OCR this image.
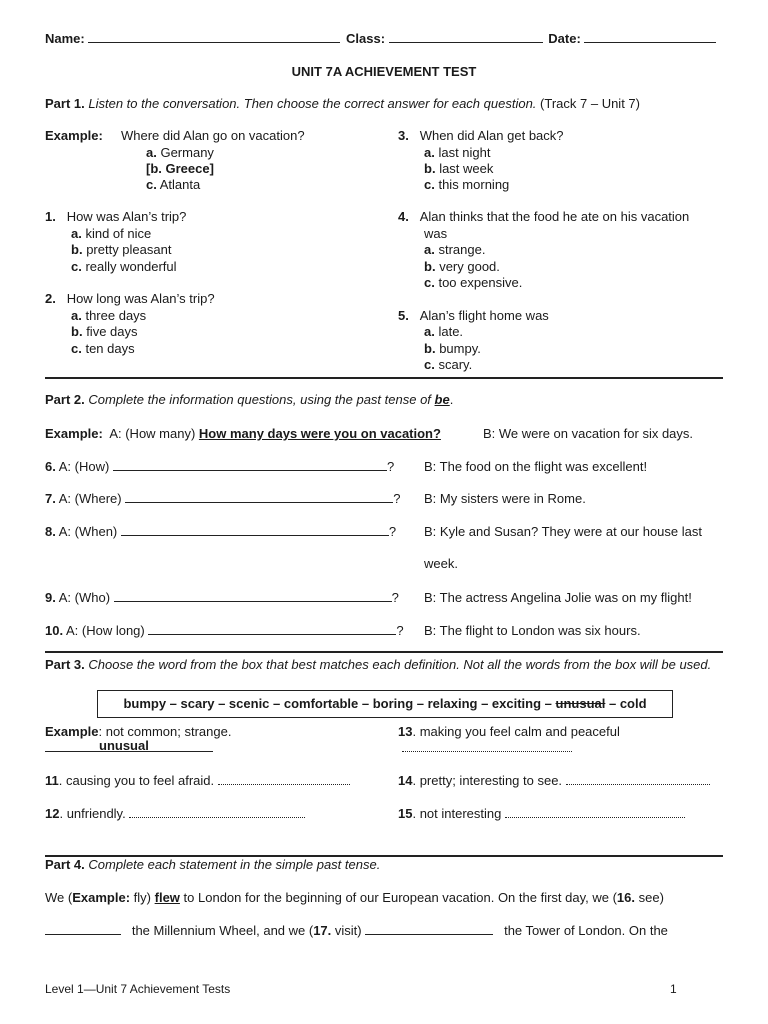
Name:	Class:	Date:
UNIT 7A ACHIEVEMENT TEST
Part 1. Listen to the conversation. Then choose the correct answer for each question. (Track 7 – Unit 7)
Example: Where did Alan go on vacation?
a. Germany
[b. Greece]
c. Atlanta
1. How was Alan’s trip?
a. kind of nice
b. pretty pleasant
c. really wonderful
2. How long was Alan’s trip?
a. three days
b. five days
c. ten days
3. When did Alan get back?
a. last night
b. last week
c. this morning
4. Alan thinks that the food he ate on his vacation
was
a. strange.
b. very good.
c. too expensive.
5. Alan’s flight home was
a. late.
b. bumpy.
c. scary.
Part 2. Complete the information questions, using the past tense of be.
Example: A: (How many) How many days were you on vacation?	B: We were on vacation for six days.
6. A: (How)	? B: The food on the flight was excellent!
7. A: (Where)	? B: My sisters were in Rome.
8. A: (When)	? B: Kyle and Susan? They were at our house last
week.
9. A: (Who)	? B: The actress Angelina Jolie was on my flight!
10. A: (How long)	? B: The flight to London was six hours.
Part 3. Choose the word from the box that best matches each definition. Not all the words from the box will be used.
bumpy – scary – scenic – comfortable – boring – relaxing – exciting – unusual – cold
Example: not common; strange.
unusual
11. causing you to feel afraid.
12. unfriendly.
13. making you feel calm and peaceful
14. pretty; interesting to see.
15. not interesting
Part 4. Complete each statement in the simple past tense.
We (Example: fly) flew to London for the beginning of our European vacation. On the first day, we (16. see)
the Millennium Wheel, and we (17. visit)	the Tower of London. On the
Level 1—Unit 7 Achievement Tests	1
